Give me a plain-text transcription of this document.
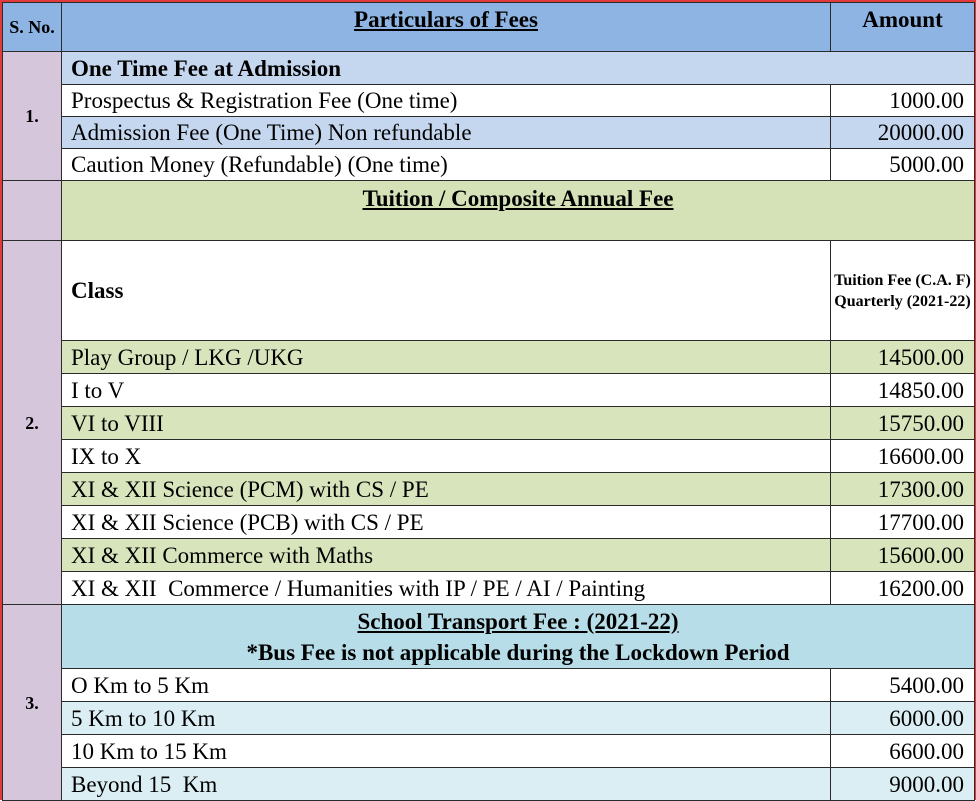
S. No.	Particulars of Fees	Amount
1.	One Time Fee at Admission	
	Prospectus & Registration Fee (One time)	1000.00
	Admission Fee (One Time) Non refundable	20000.00
	Caution Money (Refundable) (One time)	5000.00
	Tuition / Composite Annual Fee	
2.	Class	Tuition Fee (C.A. F) Quarterly (2021-22)
	Play Group / LKG /UKG	14500.00
	I to V	14850.00
	VI to VIII	15750.00
	IX to X	16600.00
	XI & XII Science (PCM) with CS / PE	17300.00
	XI & XII Science (PCB) with CS / PE	17700.00
	XI & XII Commerce with Maths	15600.00
	XI & XII  Commerce / Humanities with IP / PE / AI / Painting	16200.00
3.	School Transport Fee : (2021-22)
*Bus Fee is not applicable during the Lockdown Period	

	O Km to 5 Km	5400.00
	5 Km to 10 Km	6000.00
	10 Km to 15 Km	6600.00
	Beyond 15  Km	9000.00
